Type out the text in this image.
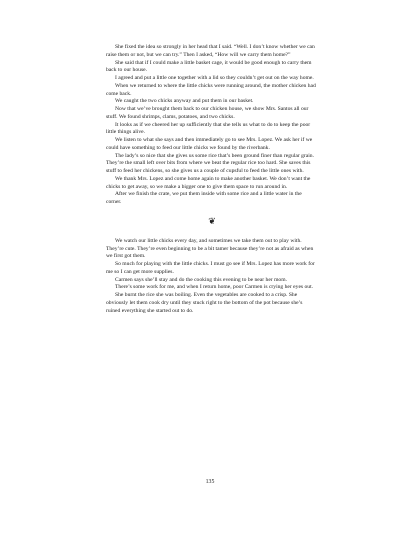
She fixed the idea so strongly in her head that I said. “Well. I don’t know whether we can raise them or not, but we can try.” Then I asked, “How will we carry them home?”

She said that if I could make a little basket cage, it would be good enough to carry them back to our house.

I agreed and put a little one together with a lid so they couldn’t get out on the way home.

When we returned to where the little chicks were running around, the mother chicken had come back.

We caught the two chicks anyway and put them in our basket.

Now that we’ve brought them back to our chicken house, we show Mrs. Santos all our stuff. We found shrimps, clams, potatoes, and two chicks.

It looks as if we cheered her up sufficiently that she tells us what to do to keep the poor little things alive.

We listen to what she says and then immediately go to see Mrs. Lopez. We ask her if we could have something to feed our little chicks we found by the riverbank.

The lady’s so nice that she gives us some rice that’s been ground finer than regular grain. They’re the small left over bits from where we beat the regular rice too hard. She saves this stuff to feed her chickens, so she gives us a couple of cupsful to feed the little ones with.

We thank Mrs. Lopez and come home again to make another basket. We don’t want the chicks to get away, so we make a bigger one to give them space to run around in.

After we finish the crate, we put them inside with some rice and a little water in the corner.

❦

We watch our little chicks every day, and sometimes we take them out to play with. They’re cute. They’re even beginning to be a bit tamer because they’re not as afraid as when we first got them.

So much for playing with the little chicks. I must go see if Mrs. Lopez has more work for me so I can get more supplies.

Carmen says she’ll stay and do the cooking this evening to be near her mom.

There’s some work for me, and when I return home, poor Carmen is crying her eyes out.

She burnt the rice she was boiling. Even the vegetables are cooked to a crisp. She obviously let them cook dry until they stuck right to the bottom of the pot because she’s ruined everything she started out to do.

135
